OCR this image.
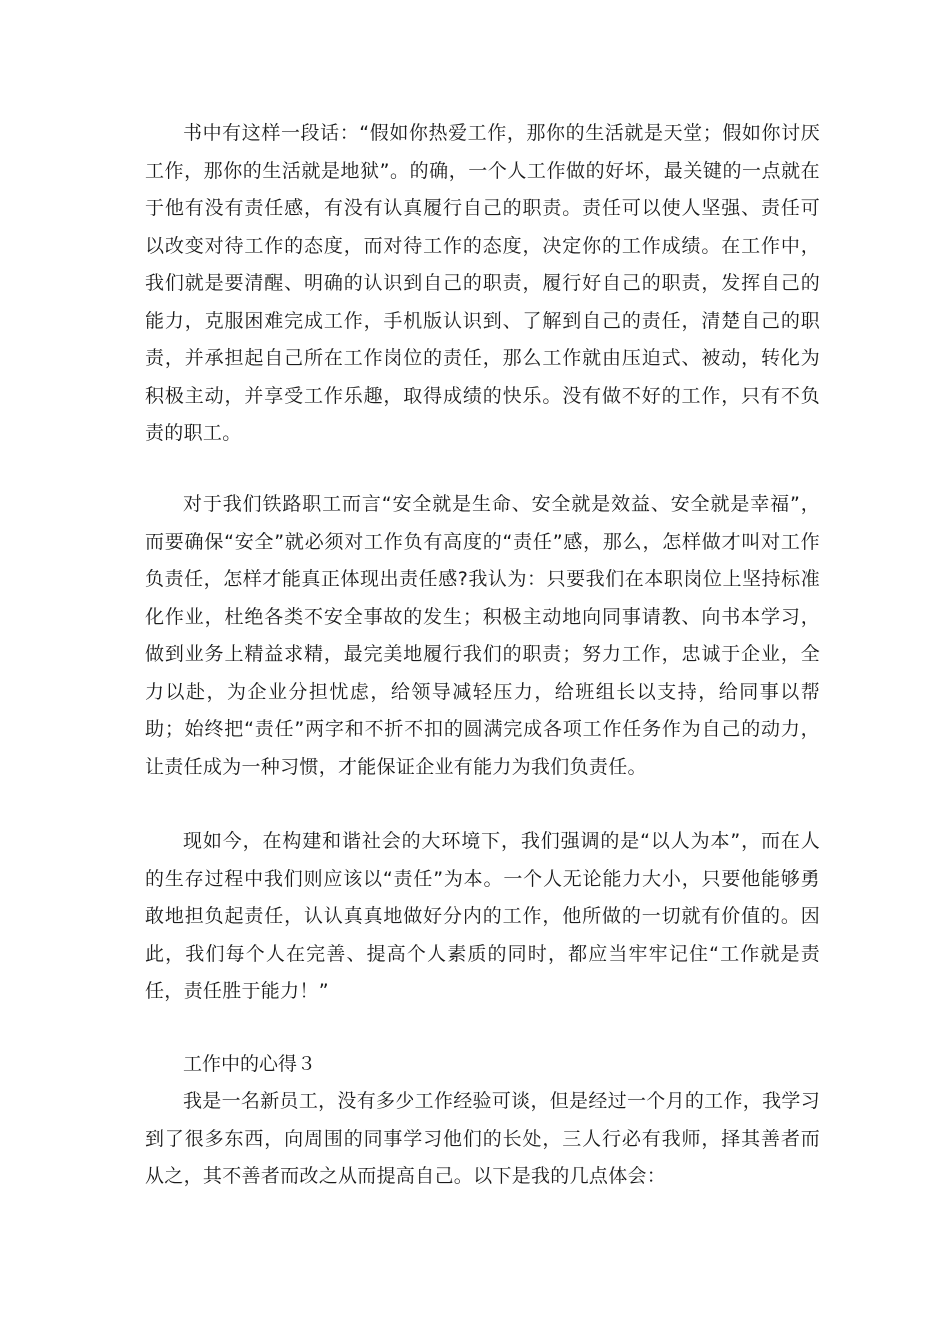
书中有这样一段话：“假如你热爱工作，那你的生活就是天堂；假如你讨厌工作，那你的生活就是地狱”。的确，一个人工作做的好坏，最关键的一点就在于他有没有责任感，有没有认真履行自己的职责。责任可以使人坚强、责任可以改变对待工作的态度，而对待工作的态度，决定你的工作成绩。在工作中，我们就是要清醒、明确的认识到自己的职责，履行好自己的职责，发挥自己的能力，克服困难完成工作，手机版认识到、了解到自己的责任，清楚自己的职责，并承担起自己所在工作岗位的责任，那么工作就由压迫式、被动，转化为积极主动，并享受工作乐趣，取得成绩的快乐。没有做不好的工作，只有不负责的职工。

对于我们铁路职工而言“安全就是生命、安全就是效益、安全就是幸福”，而要确保“安全”就必须对工作负有高度的“责任”感，那么，怎样做才叫对工作负责任，怎样才能真正体现出责任感?我认为：只要我们在本职岗位上坚持标准化作业，杜绝各类不安全事故的发生；积极主动地向同事请教、向书本学习，做到业务上精益求精，最完美地履行我们的职责；努力工作，忠诚于企业，全力以赴，为企业分担忧虑，给领导减轻压力，给班组长以支持，给同事以帮助；始终把“责任”两字和不折不扣的圆满完成各项工作任务作为自己的动力，让责任成为一种习惯，才能保证企业有能力为我们负责任。

现如今，在构建和谐社会的大环境下，我们强调的是“以人为本”，而在人的生存过程中我们则应该以“责任”为本。一个人无论能力大小，只要他能够勇敢地担负起责任，认认真真地做好分内的工作，他所做的一切就有价值的。因此，我们每个人在完善、提高个人素质的同时，都应当牢牢记住“工作就是责任，责任胜于能力！”

工作中的心得３

我是一名新员工，没有多少工作经验可谈，但是经过一个月的工作，我学习到了很多东西，向周围的同事学习他们的长处，三人行必有我师，择其善者而从之，其不善者而改之从而提高自己。以下是我的几点体会：
